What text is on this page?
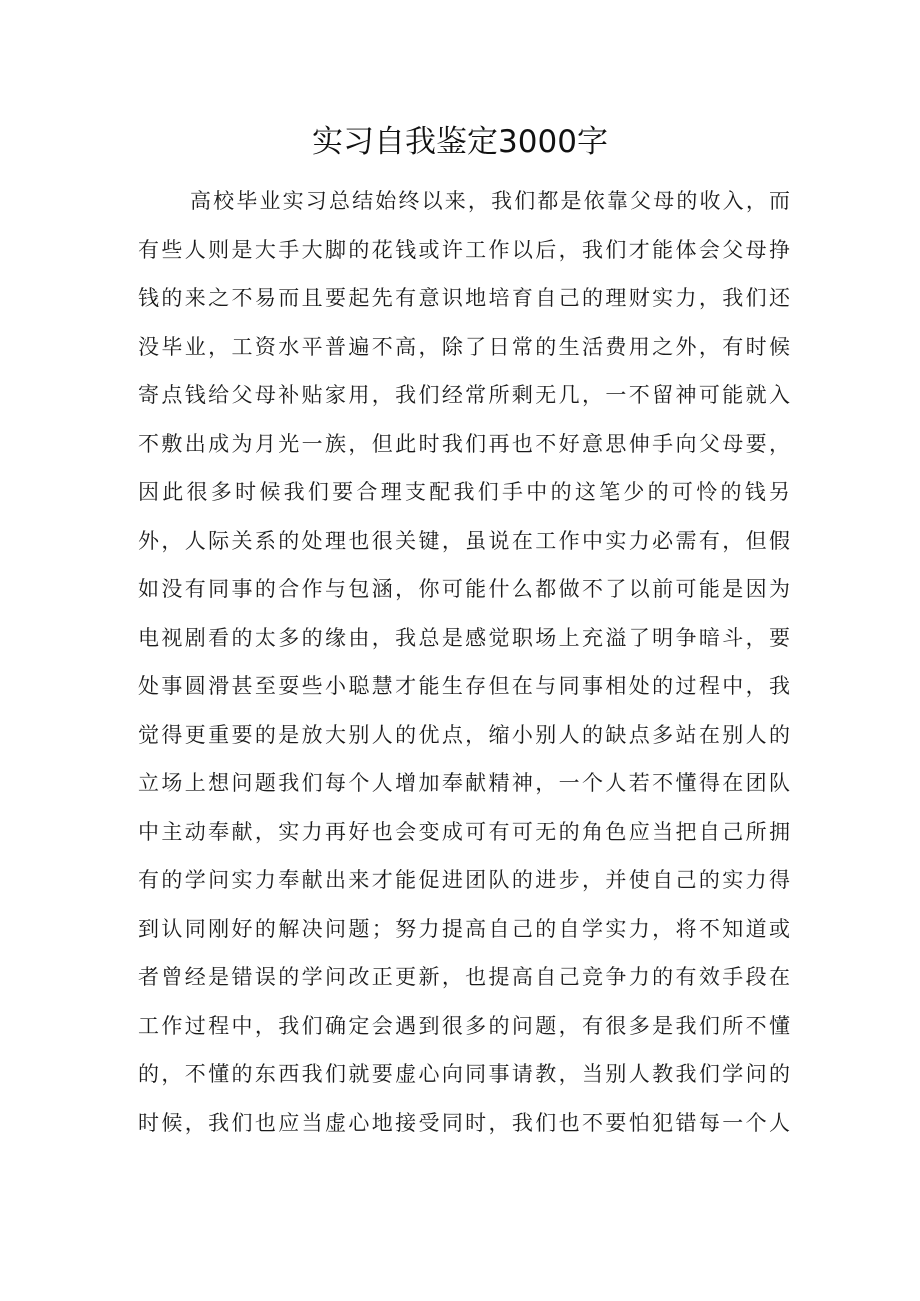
实习自我鉴定3000字
高校毕业实习总结始终以来，我们都是依靠父母的收入，而
有些人则是大手大脚的花钱或许工作以后，我们才能体会父母挣
钱的来之不易而且要起先有意识地培育自己的理财实力，我们还
没毕业，工资水平普遍不高，除了日常的生活费用之外，有时候
寄点钱给父母补贴家用，我们经常所剩无几，一不留神可能就入
不敷出成为月光一族，但此时我们再也不好意思伸手向父母要，
因此很多时候我们要合理支配我们手中的这笔少的可怜的钱另
外，人际关系的处理也很关键，虽说在工作中实力必需有，但假
如没有同事的合作与包涵，你可能什么都做不了以前可能是因为
电视剧看的太多的缘由，我总是感觉职场上充溢了明争暗斗，要
处事圆滑甚至耍些小聪慧才能生存但在与同事相处的过程中，我
觉得更重要的是放大别人的优点，缩小别人的缺点多站在别人的
立场上想问题我们每个人增加奉献精神，一个人若不懂得在团队
中主动奉献，实力再好也会变成可有可无的角色应当把自己所拥
有的学问实力奉献出来才能促进团队的进步，并使自己的实力得
到认同刚好的解决问题；努力提高自己的自学实力，将不知道或
者曾经是错误的学问改正更新，也提高自己竞争力的有效手段在
工作过程中，我们确定会遇到很多的问题，有很多是我们所不懂
的，不懂的东西我们就要虚心向同事请教，当别人教我们学问的
时候，我们也应当虚心地接受同时，我们也不要怕犯错每一个人
